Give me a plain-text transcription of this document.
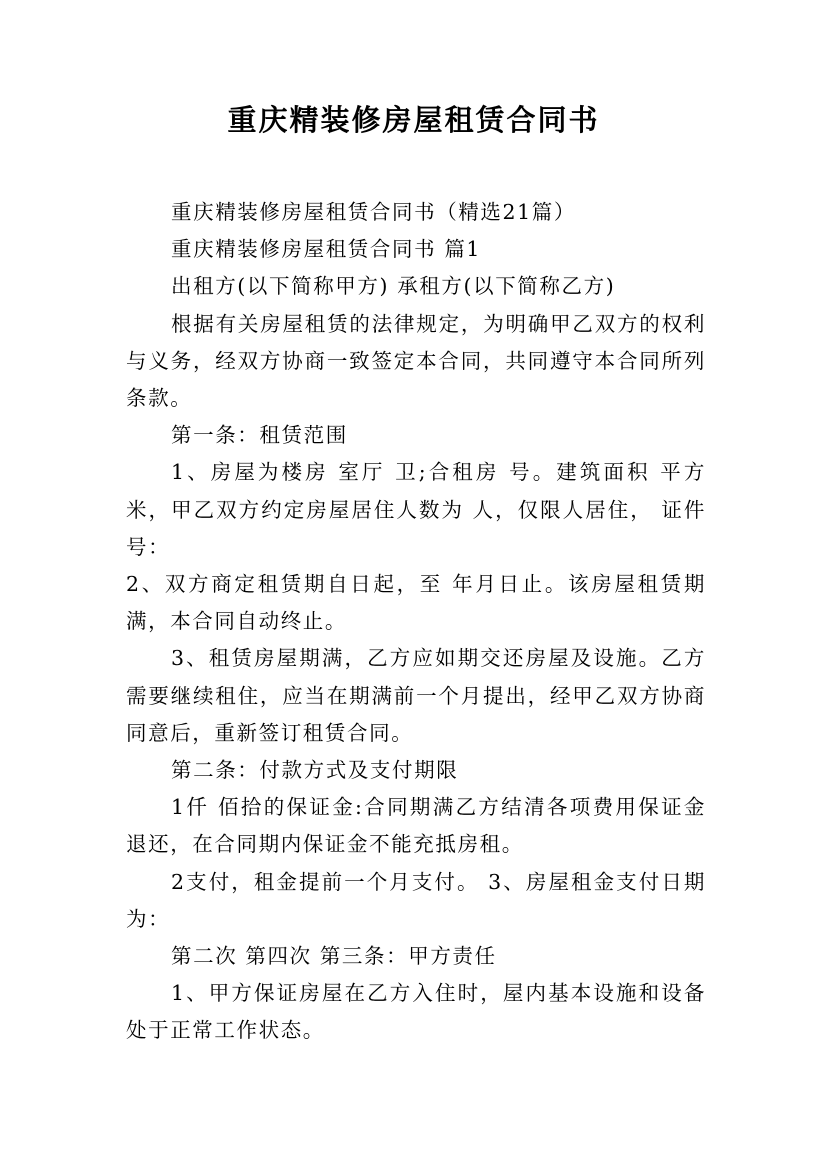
重庆精装修房屋租赁合同书

重庆精装修房屋租赁合同书（精选21篇）

重庆精装修房屋租赁合同书 篇1

出租方(以下简称甲方) 承租方(以下简称乙方)

根据有关房屋租赁的法律规定，为明确甲乙双方的权利与义务，经双方协商一致签定本合同，共同遵守本合同所列条款。

第一条：租赁范围

1、房屋为楼房 室厅 卫;合租房 号。建筑面积 平方米，甲乙双方约定房屋居住人数为 人，仅限人居住， 证件号：

2、双方商定租赁期自日起，至 年月日止。该房屋租赁期满，本合同自动终止。

3、租赁房屋期满，乙方应如期交还房屋及设施。乙方需要继续租住，应当在期满前一个月提出，经甲乙双方协商同意后，重新签订租赁合同。

第二条：付款方式及支付期限

1仟 佰拾的保证金:合同期满乙方结清各项费用保证金退还，在合同期内保证金不能充抵房租。

2支付，租金提前一个月支付。 3、房屋租金支付日期为：

第二次 第四次 第三条：甲方责任

1、甲方保证房屋在乙方入住时，屋内基本设施和设备处于正常工作状态。
